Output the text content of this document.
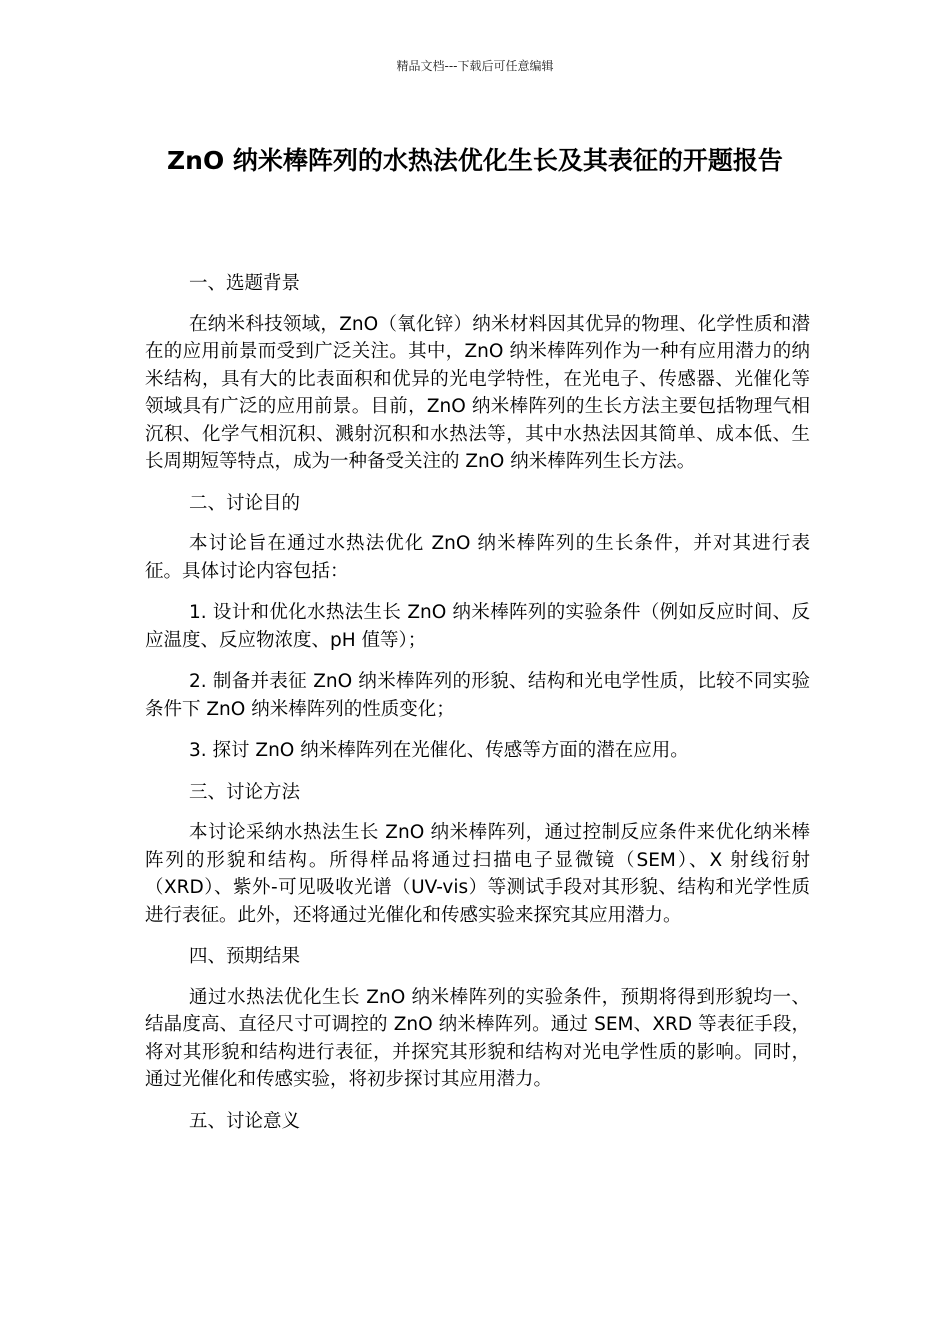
精品文档---下载后可任意编辑
ZnO 纳米棒阵列的水热法优化生长及其表征的开题报告

一、选题背景

在纳米科技领域，ZnO（氧化锌）纳米材料因其优异的物理、化学性质和潜在的应用前景而受到广泛关注。其中，ZnO 纳米棒阵列作为一种有应用潜力的纳米结构，具有大的比表面积和优异的光电学特性，在光电子、传感器、光催化等领域具有广泛的应用前景。目前，ZnO 纳米棒阵列的生长方法主要包括物理气相沉积、化学气相沉积、溅射沉积和水热法等，其中水热法因其简单、成本低、生长周期短等特点，成为一种备受关注的 ZnO 纳米棒阵列生长方法。

二、讨论目的

本讨论旨在通过水热法优化 ZnO 纳米棒阵列的生长条件，并对其进行表征。具体讨论内容包括：

1. 设计和优化水热法生长 ZnO 纳米棒阵列的实验条件（例如反应时间、反应温度、反应物浓度、pH 值等）；

2. 制备并表征 ZnO 纳米棒阵列的形貌、结构和光电学性质，比较不同实验条件下 ZnO 纳米棒阵列的性质变化；

3. 探讨 ZnO 纳米棒阵列在光催化、传感等方面的潜在应用。

三、讨论方法

本讨论采纳水热法生长 ZnO 纳米棒阵列，通过控制反应条件来优化纳米棒阵列的形貌和结构。所得样品将通过扫描电子显微镜（SEM）、X 射线衍射（XRD）、紫外-可见吸收光谱（UV-vis）等测试手段对其形貌、结构和光学性质进行表征。此外，还将通过光催化和传感实验来探究其应用潜力。

四、预期结果

通过水热法优化生长 ZnO 纳米棒阵列的实验条件，预期将得到形貌均一、结晶度高、直径尺寸可调控的 ZnO 纳米棒阵列。通过 SEM、XRD 等表征手段，将对其形貌和结构进行表征，并探究其形貌和结构对光电学性质的影响。同时，通过光催化和传感实验，将初步探讨其应用潜力。

五、讨论意义
